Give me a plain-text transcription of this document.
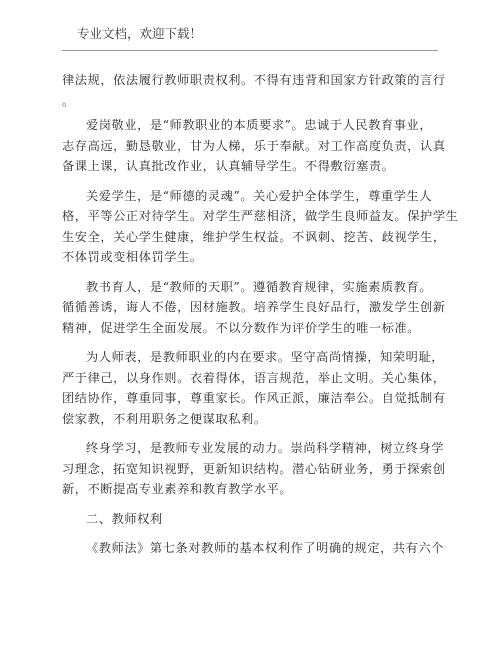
专业文档，欢迎下载！

律法规，依法履行教师职责权利。不得有违背和国家方针政策的言行
。

爱岗敬业，是“师教职业的本质要求”。忠诚于人民教育事业，
志存高远，勤恳敬业，甘为人梯，乐于奉献。对工作高度负责，认真
备课上课，认真批改作业，认真辅导学生。不得敷衍塞责。

关爱学生，是“师德的灵魂”。关心爱护全体学生，尊重学生人
格，平等公正对待学生。对学生严慈相济，做学生良师益友。保护学生
生安全，关心学生健康，维护学生权益。不讽刺、挖苦、歧视学生，
不体罚或变相体罚学生。

教书育人，是“教师的天职”。遵循教育规律，实施素质教育。
循循善诱，诲人不倦，因材施教。培养学生良好品行，激发学生创新
精神，促进学生全面发展。不以分数作为评价学生的唯一标准。

为人师表，是教师职业的内在要求。坚守高尚情操，知荣明耻，
严于律己，以身作则。衣着得体，语言规范，举止文明。关心集体，
团结协作，尊重同事，尊重家长。作风正派，廉洁奉公。自觉抵制有
偿家教，不利用职务之便谋取私利。

终身学习，是教师专业发展的动力。崇尚科学精神，树立终身学
习理念，拓宽知识视野，更新知识结构。潜心钻研业务，勇于探索创
新，不断提高专业素养和教育教学水平。

二、教师权利

《教师法》第七条对教师的基本权利作了明确的规定，共有六个
